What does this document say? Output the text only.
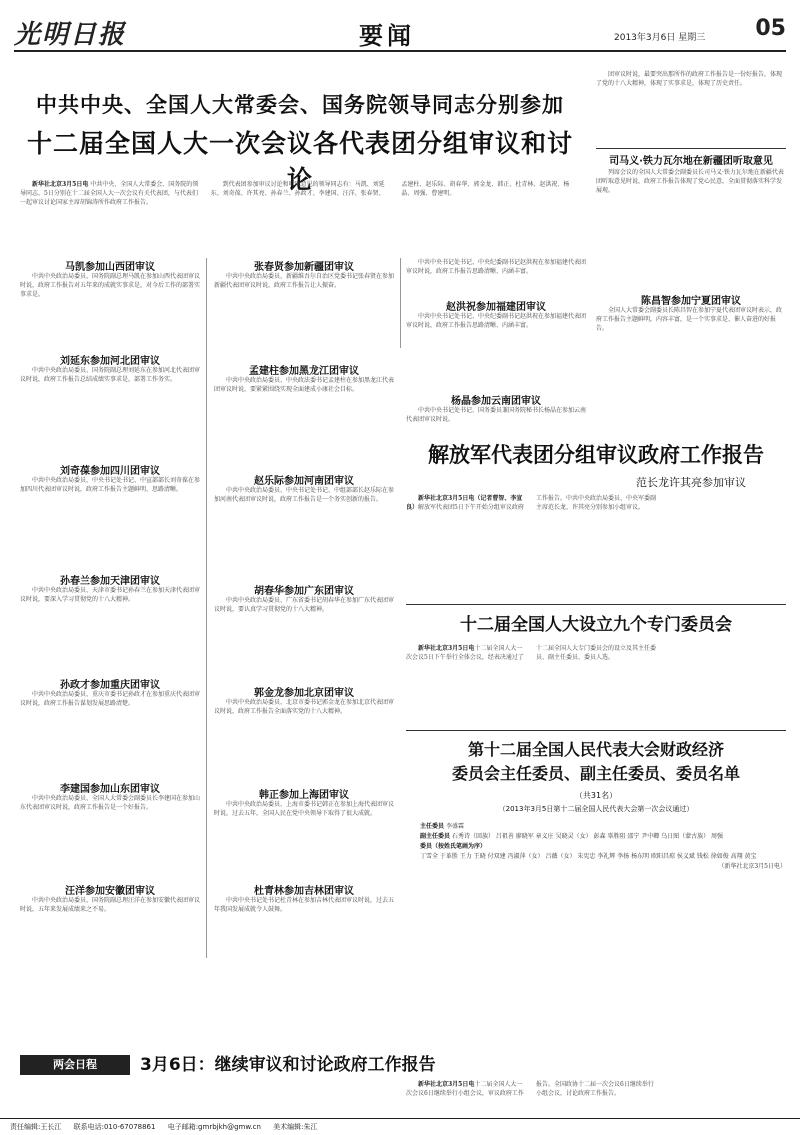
光明日报	要闻	2013年3月6日 星期三 05
中共中央、全国人大常委会、国务院领导同志分别参加
十二届全国人大一次会议各代表团分组审议和讨论

团审议时说，最要突出那所作的政府工作报告是一份好报告，体现了党的十八大精神，体现了实事求是，体现了历史责任。

司马义·铁力瓦尔地在新疆团听取意见

列席会议的全国人大常委会副委员长司马义·铁力瓦尔地在新疆代表团听取意见时说，政府工作报告体现了党心民意，全面贯彻落实科学发展观。

新华社北京3月5日电 中共中央、全国人大常委会、国务院的领导同志，5日分别在十二届全国人大一次会议有关代表团，与代表们一起审议讨论国家主席胡锦涛所作政府工作报告。

到代表团参加审议讨论和听取意见的领导同志有：马凯、刘延东、刘奇葆、许其亮、孙春兰、孙政才、李建国、汪洋、张春贤、孟建柱、赵乐际、胡春华、郭金龙、韩正、杜青林、赵洪祝、杨晶、周强、曹建明。

马凯参加山西团审议

中共中央政治局委员、国务院副总理马凯在参加山西代表团审议时说，政府工作报告对五年来的成就实事求是，对今后工作的部署实事求是。

刘延东参加河北团审议

中共中央政治局委员、国务院副总理刘延东在参加河北代表团审议时说，政府工作报告总结成绩实事求是，部署工作务实。

刘奇葆参加四川团审议

中共中央政治局委员、中央书记处书记、中宣部部长刘奇葆在参加四川代表团审议时说，政府工作报告主题鲜明、思路清晰。

孙春兰参加天津团审议

中共中央政治局委员、天津市委书记孙春兰在参加天津代表团审议时说，要深入学习贯彻党的十八大精神。

孙政才参加重庆团审议

中共中央政治局委员、重庆市委书记孙政才在参加重庆代表团审议时说，政府工作报告谋划发展思路清楚。

李建国参加山东团审议

中共中央政治局委员、全国人大常委会副委员长李建国在参加山东代表团审议时说，政府工作报告是一个好报告。

汪洋参加安徽团审议

中共中央政治局委员、国务院副总理汪洋在参加安徽代表团审议时说，五年来发展成绩来之不易。

张春贤参加新疆团审议

中共中央政治局委员、新疆维吾尔自治区党委书记张春贤在参加新疆代表团审议时说，政府工作报告让人振奋。

孟建柱参加黑龙江团审议

中共中央政治局委员、中央政法委书记孟建柱在参加黑龙江代表团审议时说，要紧紧围绕实现全面建成小康社会目标。

赵乐际参加河南团审议

中共中央政治局委员、中央书记处书记、中组部部长赵乐际在参加河南代表团审议时说，政府工作报告是一个务实创新的报告。

胡春华参加广东团审议

中共中央政治局委员、广东省委书记胡春华在参加广东代表团审议时说，要认真学习贯彻党的十八大精神。

郭金龙参加北京团审议

中共中央政治局委员、北京市委书记郭金龙在参加北京代表团审议时说，政府工作报告全面落实党的十八大精神。

韩正参加上海团审议

中共中央政治局委员、上海市委书记韩正在参加上海代表团审议时说，过去五年，全国人民在党中央领导下取得了很大成就。

杜青林参加吉林团审议

中共中央书记处书记杜青林在参加吉林代表团审议时说，过去五年我国发展成就令人鼓舞。

中共中央书记处书记、中央纪委副书记赵洪祝在参加福建代表团审议时说，政府工作报告思路清晰、内涵丰富。

赵洪祝参加福建团审议

中共中央书记处书记、中央纪委副书记赵洪祝在参加福建代表团审议时说，政府工作报告思路清晰、内涵丰富。

杨晶参加云南团审议

中共中央书记处书记、国务委员兼国务院秘书长杨晶在参加云南代表团审议时说。

陈昌智参加宁夏团审议

全国人大常委会副委员长陈昌智在参加宁夏代表团审议时表示，政府工作报告主题鲜明，内容丰富，是一个实事求是、催人奋进的好报告。

解放军代表团分组审议政府工作报告
范长龙许其亮参加审议

新华社北京3月5日电（记者曹智、李宣良）解放军代表团5日下午开始分组审议政府工作报告。中共中央政治局委员、中央军委副主席范长龙、许其亮分别参加小组审议。

十二届全国人大设立九个专门委员会

新华社北京3月5日电十二届全国人大一次会议5日下午举行全体会议，经表决通过了十二届全国人大专门委员会的设立及其主任委员、副主任委员、委员人选。

第十二届全国人民代表大会财政经济
委员会主任委员、副主任委员、委员名单
（共31名）
（2013年3月5日第十二届全国人民代表大会第一次会议通过）
主任委员 李盛霖
副主任委员 石秀诗（回族） 吕祖善 廖晓军 章义庄 吴晓灵（女） 彭森 辜胜阻 邵宁 尹中卿 乌日图（蒙古族） 周强
委员（按姓氏笔画为序）
丁雪全 于革胜 王力 王晓 付双建 冯淑萍（女） 吕薇（女） 朱宪忠 李礼辉 李扬 杨东明 欧阳昌琼 侯义斌 钱松 徐如俊 高翔 黄宝
（新华社北京3月5日电）
两会日程	3月6日：继续审议和讨论政府工作报告

新华社北京3月5日电十二届全国人大一次会议6日继续举行小组会议，审议政府工作报告。全国政协十二届一次会议6日继续举行小组会议，讨论政府工作报告。

责任编辑:王长江 联系电话:010-67078861 电子邮箱:gmrbjkh@gmw.cn 美术编辑:朱江
